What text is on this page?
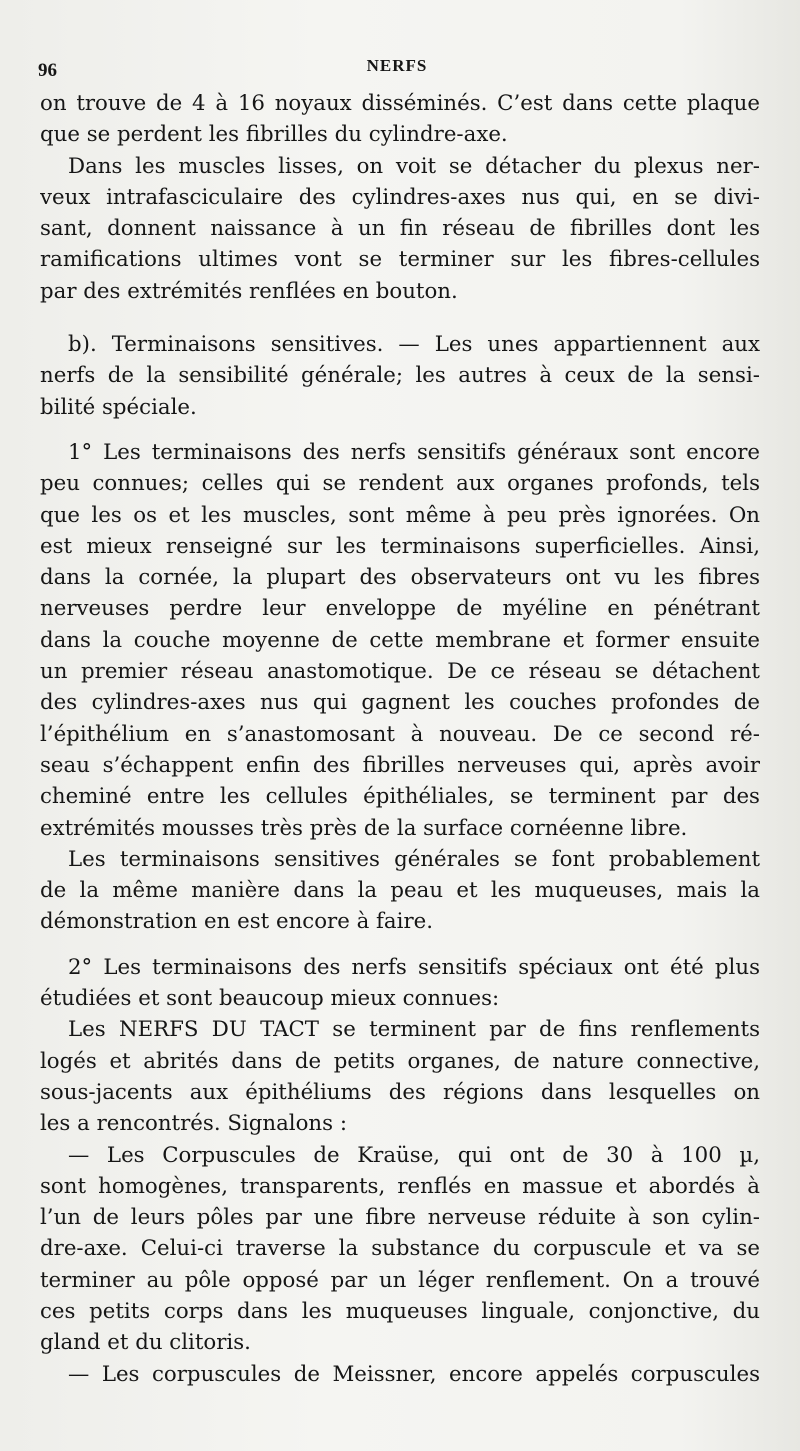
96	NERFS
on trouve de 4 à 16 noyaux disséminés. C’est dans cette plaque
que se perdent les fibrilles du cylindre-axe.
Dans les muscles lisses, on voit se détacher du plexus ner-
veux intrafasciculaire des cylindres-axes nus qui, en se divi-
sant, donnent naissance à un fin réseau de fibrilles dont les
ramifications ultimes vont se terminer sur les fibres-cellules
par des extrémités renflées en bouton.
b). Terminaisons sensitives. — Les unes appartiennent aux
nerfs de la sensibilité générale; les autres à ceux de la sensi-
bilité spéciale.
1° Les terminaisons des nerfs sensitifs généraux sont encore
peu connues; celles qui se rendent aux organes profonds, tels
que les os et les muscles, sont même à peu près ignorées. On
est mieux renseigné sur les terminaisons superficielles. Ainsi,
dans la cornée, la plupart des observateurs ont vu les fibres
nerveuses perdre leur enveloppe de myéline en pénétrant
dans la couche moyenne de cette membrane et former ensuite
un premier réseau anastomotique. De ce réseau se détachent
des cylindres-axes nus qui gagnent les couches profondes de
l’épithélium en s’anastomosant à nouveau. De ce second ré-
seau s’échappent enfin des fibrilles nerveuses qui, après avoir
cheminé entre les cellules épithéliales, se terminent par des
extrémités mousses très près de la surface cornéenne libre.
Les terminaisons sensitives générales se font probablement
de la même manière dans la peau et les muqueuses, mais la
démonstration en est encore à faire.
2° Les terminaisons des nerfs sensitifs spéciaux ont été plus
étudiées et sont beaucoup mieux connues:
Les NERFS DU TACT se terminent par de fins renflements
logés et abrités dans de petits organes, de nature connective,
sous-jacents aux épithéliums des régions dans lesquelles on
les a rencontrés. Signalons :
— Les Corpuscules de Kraüse, qui ont de 30 à 100 µ,
sont homogènes, transparents, renflés en massue et abordés à
l’un de leurs pôles par une fibre nerveuse réduite à son cylin-
dre-axe. Celui-ci traverse la substance du corpuscule et va se
terminer au pôle opposé par un léger renflement. On a trouvé
ces petits corps dans les muqueuses linguale, conjonctive, du
gland et du clitoris.
— Les corpuscules de Meissner, encore appelés corpuscules
